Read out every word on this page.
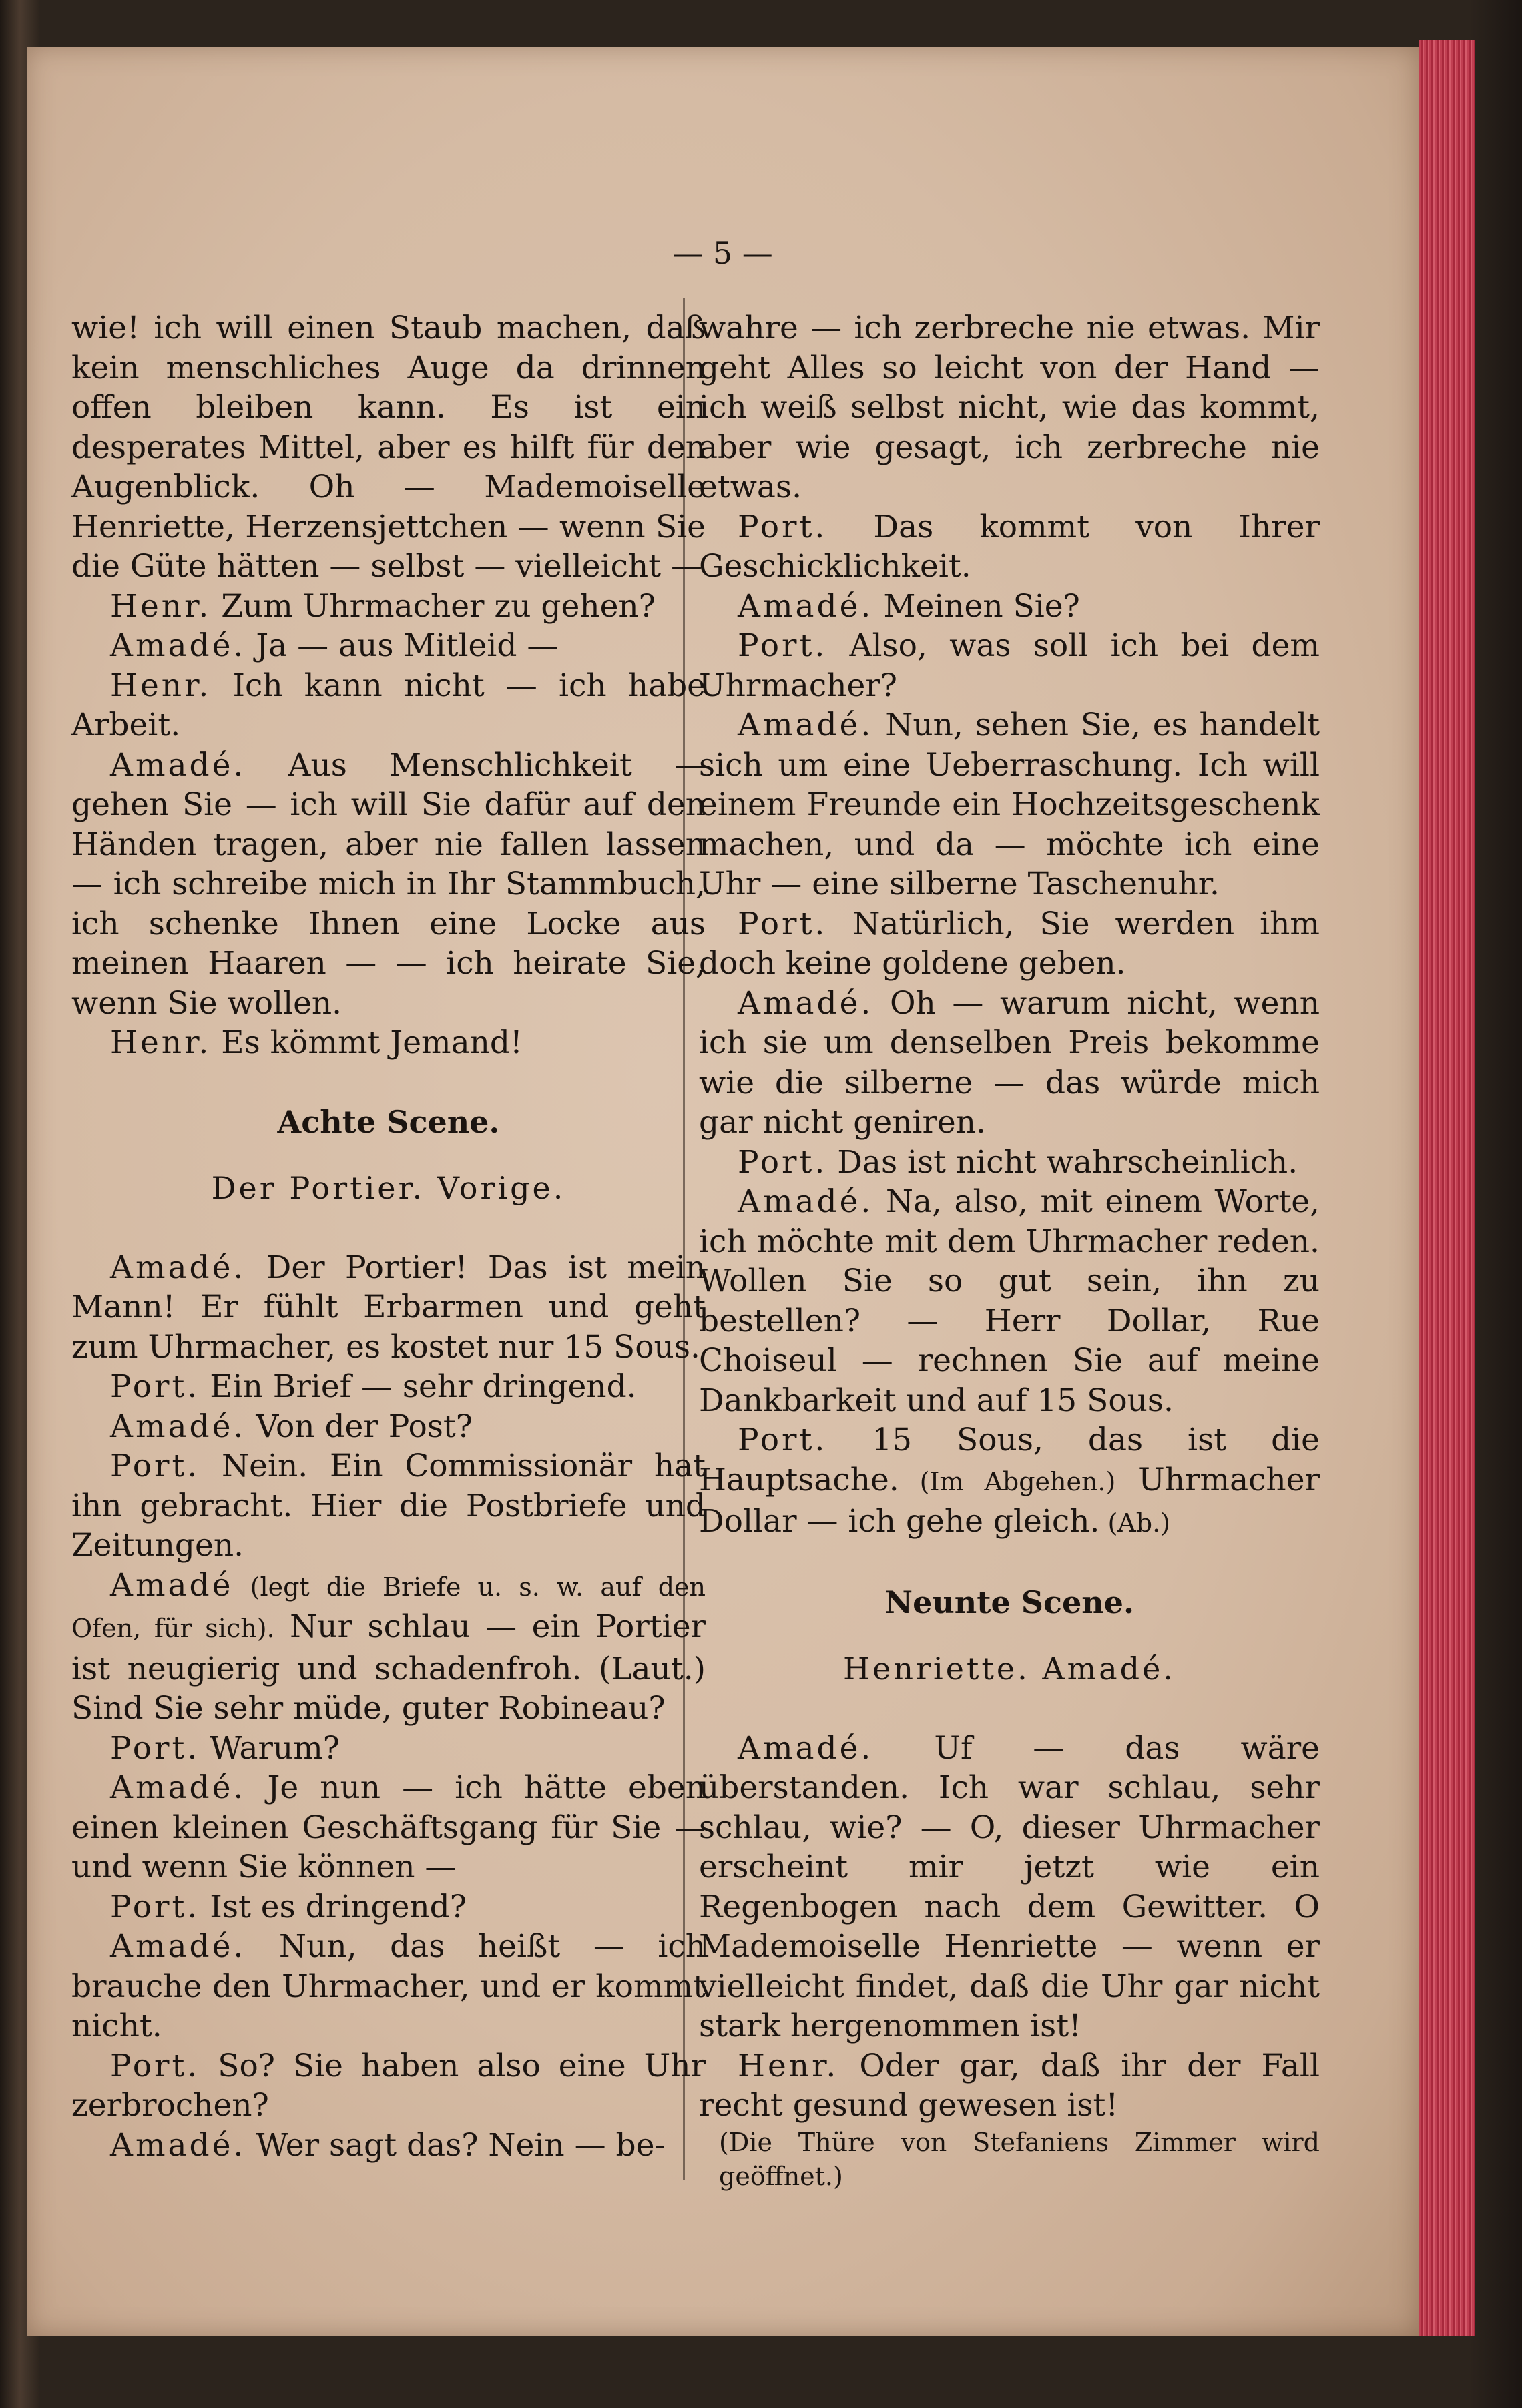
— 5 —

wie! ich will einen Staub machen, daß kein menschliches Auge da drinnen offen bleiben kann. Es ist ein desperates Mittel, aber es hilft für den Augenblick. Oh — Mademoiselle Henriette, Herzensjettchen — wenn Sie die Güte hätten — selbst — vielleicht —

Henr. Zum Uhrmacher zu gehen?

Amadé. Ja — aus Mitleid —

Henr. Ich kann nicht — ich habe Arbeit.

Amadé. Aus Menschlichkeit — gehen Sie — ich will Sie dafür auf den Händen tragen, aber nie fallen lassen — ich schreibe mich in Ihr Stammbuch, ich schenke Ihnen eine Locke aus meinen Haaren — — ich heirate Sie, wenn Sie wollen.

Henr. Es kömmt Jemand!

Achte Scene.

Der Portier. Vorige.

Amadé. Der Portier! Das ist mein Mann! Er fühlt Erbarmen und geht zum Uhrmacher, es kostet nur 15 Sous.

Port. Ein Brief — sehr dringend.

Amadé. Von der Post?

Port. Nein. Ein Commissionär hat ihn gebracht. Hier die Postbriefe und Zeitungen.

Amadé (legt die Briefe u. s. w. auf den Ofen, für sich). Nur schlau — ein Portier ist neugierig und schadenfroh. (Laut.) Sind Sie sehr müde, guter Robineau?

Port. Warum?

Amadé. Je nun — ich hätte eben einen kleinen Geschäftsgang für Sie — und wenn Sie können —

Port. Ist es dringend?

Amadé. Nun, das heißt — ich brauche den Uhrmacher, und er kommt nicht.

Port. So? Sie haben also eine Uhr zerbrochen?

Amadé. Wer sagt das? Nein — be-

wahre — ich zerbreche nie etwas. Mir geht Alles so leicht von der Hand — ich weiß selbst nicht, wie das kommt, aber wie gesagt, ich zerbreche nie etwas.

Port. Das kommt von Ihrer Geschicklichkeit.

Amadé. Meinen Sie?

Port. Also, was soll ich bei dem Uhrmacher?

Amadé. Nun, sehen Sie, es handelt sich um eine Ueberraschung. Ich will einem Freunde ein Hochzeitsgeschenk machen, und da — möchte ich eine Uhr — eine silberne Taschenuhr.

Port. Natürlich, Sie werden ihm doch keine goldene geben.

Amadé. Oh — warum nicht, wenn ich sie um denselben Preis bekomme wie die silberne — das würde mich gar nicht geniren.

Port. Das ist nicht wahrscheinlich.

Amadé. Na, also, mit einem Worte, ich möchte mit dem Uhrmacher reden. Wollen Sie so gut sein, ihn zu bestellen? — Herr Dollar, Rue Choiseul — rechnen Sie auf meine Dankbarkeit und auf 15 Sous.

Port. 15 Sous, das ist die Hauptsache. (Im Abgehen.) Uhrmacher Dollar — ich gehe gleich. (Ab.)

Neunte Scene.

Henriette. Amadé.

Amadé. Uf — das wäre überstanden. Ich war schlau, sehr schlau, wie? — O, dieser Uhrmacher erscheint mir jetzt wie ein Regenbogen nach dem Gewitter. O Mademoiselle Henriette — wenn er vielleicht findet, daß die Uhr gar nicht stark hergenommen ist!

Henr. Oder gar, daß ihr der Fall recht gesund gewesen ist!

(Die Thüre von Stefaniens Zimmer wird geöffnet.)
